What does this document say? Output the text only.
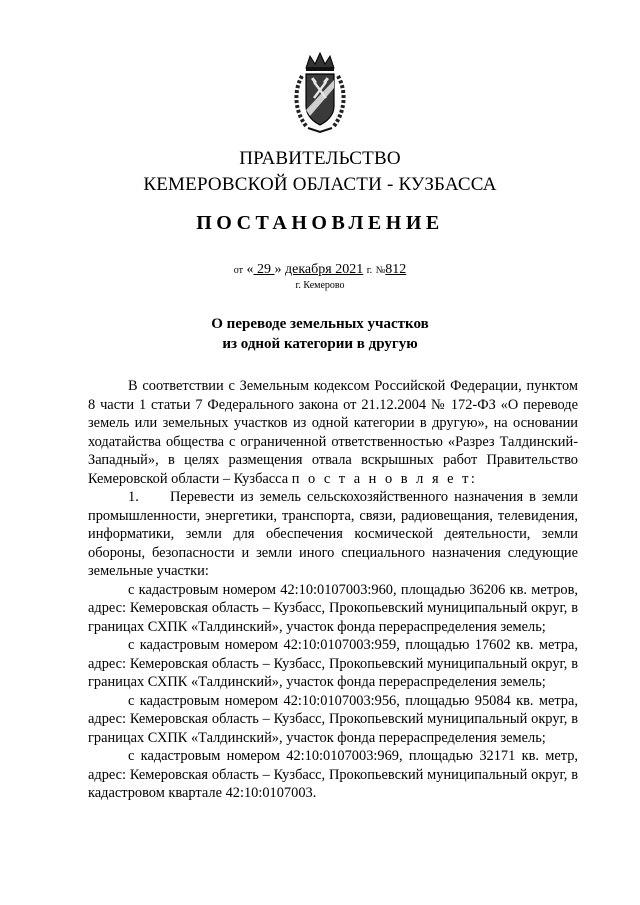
ПРАВИТЕЛЬСТВО
КЕМЕРОВСКОЙ ОБЛАСТИ - КУЗБАССА
ПОСТАНОВЛЕНИЕ
от « 29 » декабря 2021 г. №812
г. Кемерово
О переводе земельных участков
из одной категории в другую

В соответствии с Земельным кодексом Российской Федерации, пунктом 8 части 1 статьи 7 Федерального закона от 21.12.2004 № 172-ФЗ «О переводе земель или земельных участков из одной категории в другую», на основании ходатайства общества с ограниченной ответственностью «Разрез Талдинский-Западный», в целях размещения отвала вскрышных работ Правительство Кемеровской области – Кузбасса п о с т а н о в л я е т:

1. Перевести из земель сельскохозяйственного назначения в земли промышленности, энергетики, транспорта, связи, радиовещания, телевидения, информатики, земли для обеспечения космической деятельности, земли обороны, безопасности и земли иного специального назначения следующие земельные участки:

с кадастровым номером 42:10:0107003:960, площадью 36206 кв. метров, адрес: Кемеровская область – Кузбасс, Прокопьевский муниципальный округ, в границах СХПК «Талдинский», участок фонда перераспределения земель;

с кадастровым номером 42:10:0107003:959, площадью 17602 кв. метра, адрес: Кемеровская область – Кузбасс, Прокопьевский муниципальный округ, в границах СХПК «Талдинский», участок фонда перераспределения земель;

с кадастровым номером 42:10:0107003:956, площадью 95084 кв. метра, адрес: Кемеровская область – Кузбасс, Прокопьевский муниципальный округ, в границах СХПК «Талдинский», участок фонда перераспределения земель;

с кадастровым номером 42:10:0107003:969, площадью 32171 кв. метр, адрес: Кемеровская область – Кузбасс, Прокопьевский муниципальный округ, в кадастровом квартале 42:10:0107003.
